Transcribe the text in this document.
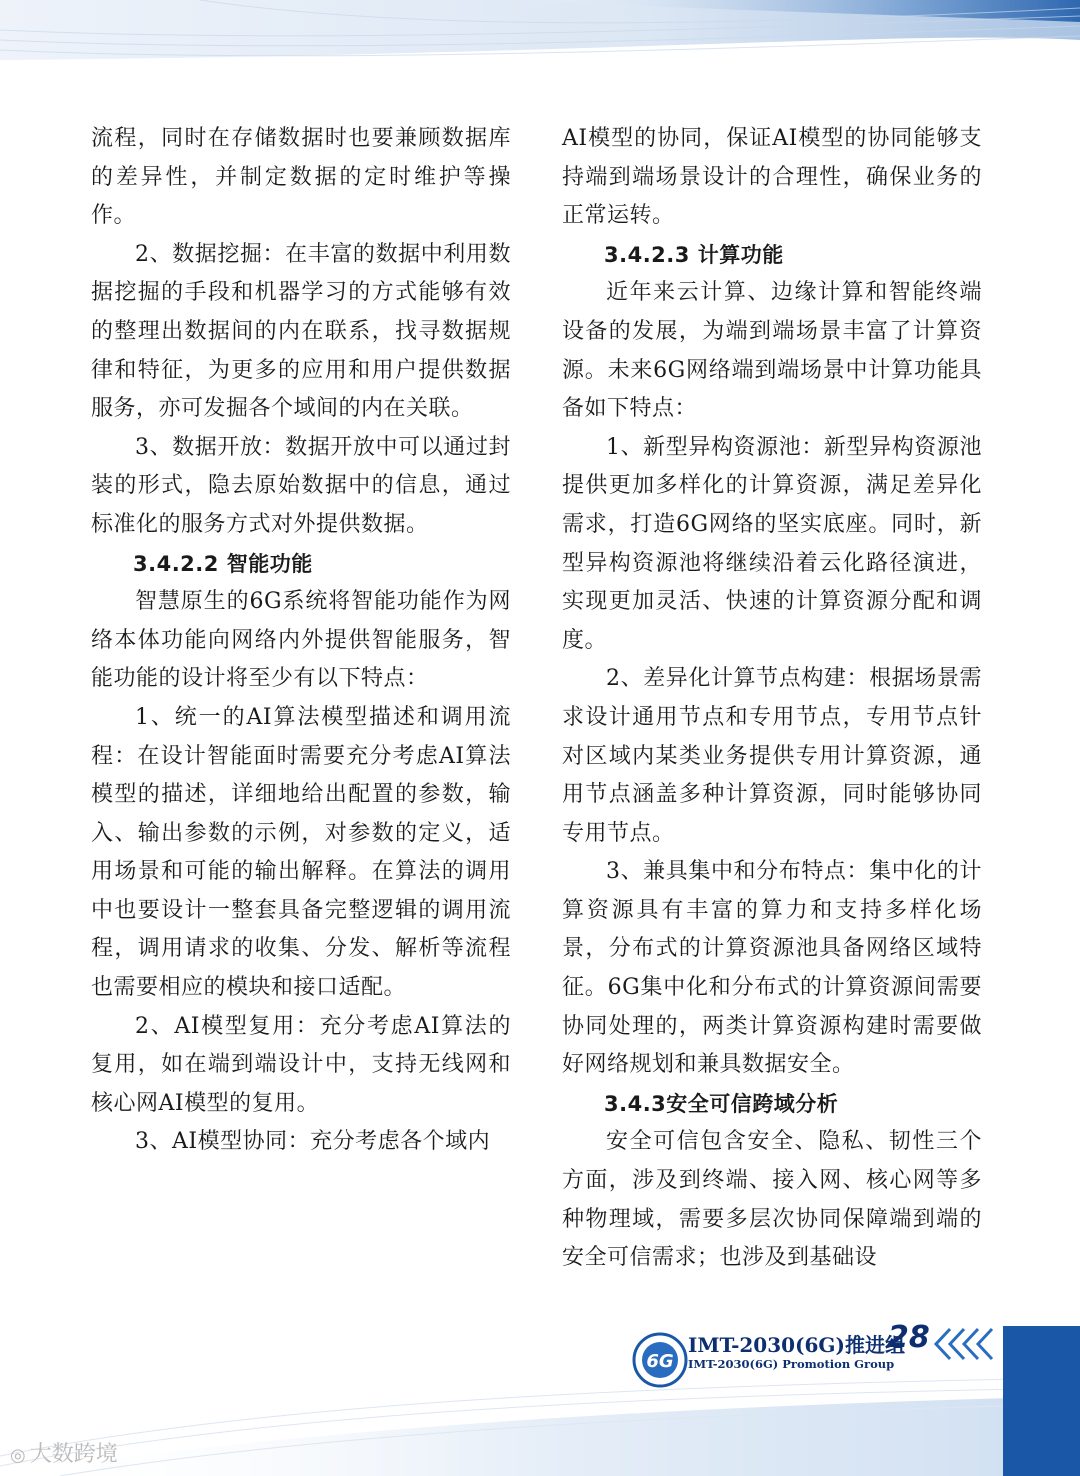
流程，同时在存储数据时也要兼顾数据库的差异性，并制定数据的定时维护等操作。

2、数据挖掘：在丰富的数据中利用数据挖掘的手段和机器学习的方式能够有效的整理出数据间的内在联系，找寻数据规律和特征，为更多的应用和用户提供数据服务，亦可发掘各个域间的内在关联。

3、数据开放：数据开放中可以通过封装的形式，隐去原始数据中的信息，通过标准化的服务方式对外提供数据。

3.4.2.2 智能功能

智慧原生的6G系统将智能功能作为网络本体功能向网络内外提供智能服务，智能功能的设计将至少有以下特点：

1、统一的AI算法模型描述和调用流程：在设计智能面时需要充分考虑AI算法模型的描述，详细地给出配置的参数，输入、输出参数的示例，对参数的定义，适用场景和可能的输出解释。在算法的调用中也要设计一整套具备完整逻辑的调用流程，调用请求的收集、分发、解析等流程也需要相应的模块和接口适配。

2、AI模型复用：充分考虑AI算法的复用，如在端到端设计中，支持无线网和核心网AI模型的复用。

3、AI模型协同：充分考虑各个域内

AI模型的协同，保证AI模型的协同能够支持端到端场景设计的合理性，确保业务的正常运转。

3.4.2.3 计算功能

近年来云计算、边缘计算和智能终端设备的发展，为端到端场景丰富了计算资源。未来6G网络端到端场景中计算功能具备如下特点：

1、新型异构资源池：新型异构资源池提供更加多样化的计算资源，满足差异化需求，打造6G网络的坚实底座。同时，新型异构资源池将继续沿着云化路径演进，实现更加灵活、快速的计算资源分配和调度。

2、差异化计算节点构建：根据场景需求设计通用节点和专用节点，专用节点针对区域内某类业务提供专用计算资源，通用节点涵盖多种计算资源，同时能够协同专用节点。

3、兼具集中和分布特点：集中化的计算资源具有丰富的算力和支持多样化场景，分布式的计算资源池具备网络区域特征。6G集中化和分布式的计算资源间需要协同处理的，两类计算资源构建时需要做好网络规划和兼具数据安全。

3.4.3安全可信跨域分析

安全可信包含安全、隐私、韧性三个方面，涉及到终端、接入网、核心网等多种物理域，需要多层次协同保障端到端的安全可信需求；也涉及到基础设

6G
IMT-2030(6G)推进组
IMT-2030(6G) Promotion Group
28
◎ 大数跨境
